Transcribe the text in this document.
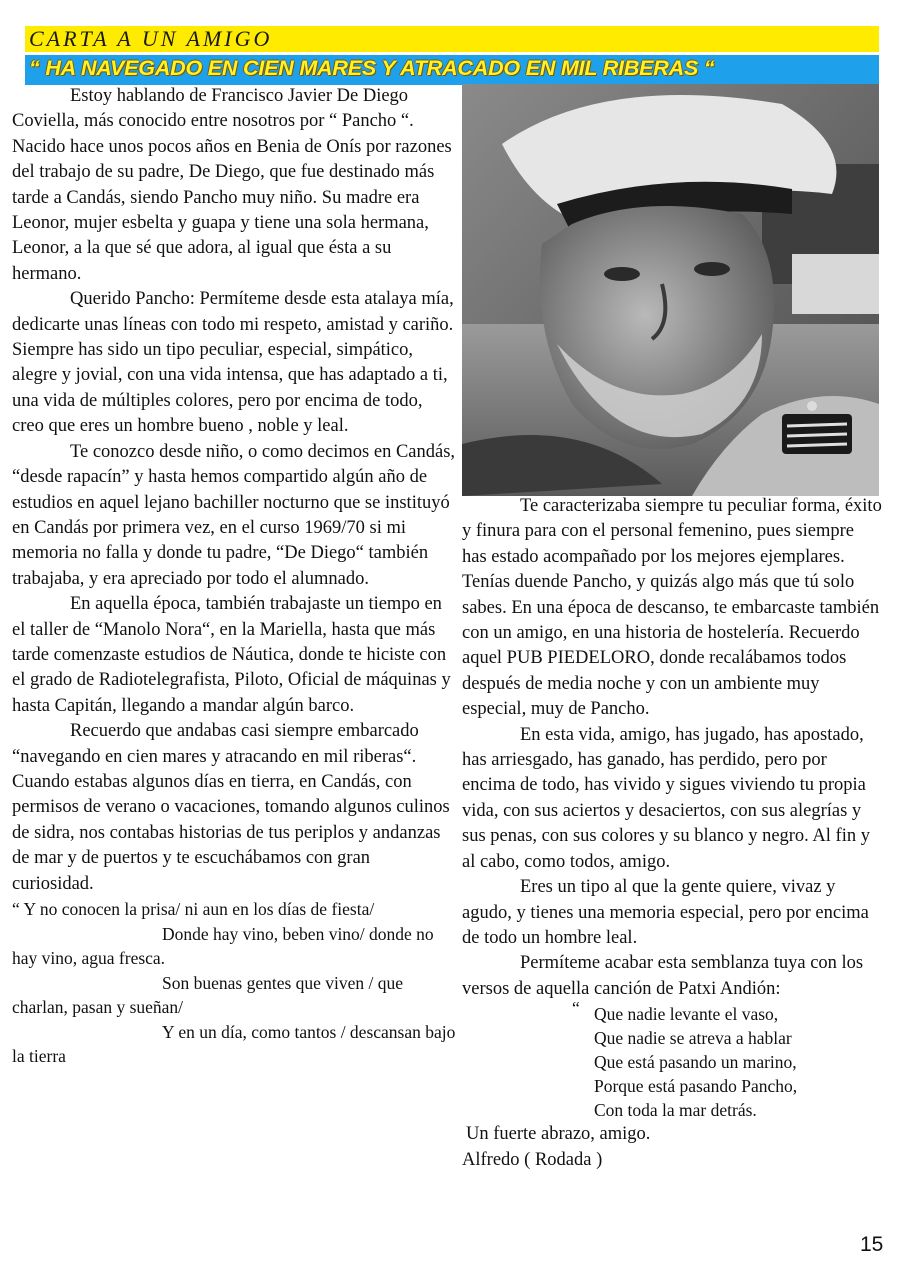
CARTA A UN AMIGO
“ HA NAVEGADO EN CIEN MARES Y ATRACADO EN MIL RIBERAS “

Estoy hablando de Francisco Javier De Diego Coviella, más conocido entre nosotros por “ Pancho “. Nacido hace unos pocos años en Benia de Onís por razones del trabajo de su padre, De Diego, que fue destinado más tarde a Candás, siendo Pancho muy niño. Su madre era Leonor, mujer esbelta y guapa y tiene una sola hermana, Leonor, a la que sé que adora, al igual que ésta a su hermano.

Querido Pancho: Permíteme desde esta atalaya mía, dedicarte unas líneas con todo mi respeto, amistad y cariño. Siempre has sido un tipo peculiar, especial, simpático, alegre y jovial, con una vida intensa, que has adaptado a ti, una vida de múltiples colores, pero por encima de todo, creo que eres un hombre bueno , noble y leal.

Te conozco desde niño, o como decimos en Candás, “desde rapacín” y hasta hemos compartido algún año de estudios en aquel lejano bachiller nocturno que se instituyó en Candás por primera vez, en el curso 1969/70 si mi memoria no falla y donde tu padre, “De Diego“ también trabajaba, y era apreciado por todo el alumnado.

En aquella época, también trabajaste un tiempo en el taller de “Manolo Nora“, en la Mariella, hasta que más tarde comenzaste estudios de Náutica, donde te hiciste con el grado de Radiotelegrafista, Piloto, Oficial de máquinas y hasta Capitán, llegando a mandar algún barco.

Recuerdo que andabas casi siempre embarcado “navegando en cien mares y atracando en mil riberas“. Cuando estabas algunos días en tierra, en Candás, con permisos de verano o vacaciones, tomando algunos culinos de sidra, nos contabas historias de tus periplos y andanzas de mar y de puertos y te escuchábamos con gran curiosidad.

“ Y no conocen la prisa/ ni aun en los días de fiesta/

Donde hay vino, beben vino/ donde no hay vino, agua fresca.

Son buenas gentes que viven / que charlan, pasan y sueñan/

Y en un día, como tantos / descansan bajo la tierra

Te caracterizaba siempre tu peculiar forma, éxito y finura para con el personal femenino, pues siempre has estado acompañado por los mejores ejemplares. Tenías duende Pancho, y quizás algo más que tú solo sabes. En una época de descanso, te embarcaste también con un amigo, en una historia de hostelería. Recuerdo aquel PUB PIEDELORO, donde recalábamos todos después de media noche y con un ambiente muy especial, muy de Pancho.

En esta vida, amigo, has jugado, has apostado, has arriesgado, has ganado, has perdido, pero por encima de todo, has vivido y sigues viviendo tu propia vida, con sus aciertos y desaciertos, con sus alegrías y sus penas, con sus colores y su blanco y negro. Al fin y al cabo, como todos, amigo.

Eres un tipo al que la gente quiere, vivaz y agudo, y tienes una memoria especial, pero por encima de todo un hombre leal.

Permíteme acabar esta semblanza tuya con los versos de aquella canción de Patxi Andión:

“ Que nadie levante el vaso,
Que nadie se atreva a hablar
Que está pasando un marino,
Porque está pasando Pancho,
Con toda la mar detrás.

Un fuerte abrazo, amigo.

Alfredo ( Rodada )

15
